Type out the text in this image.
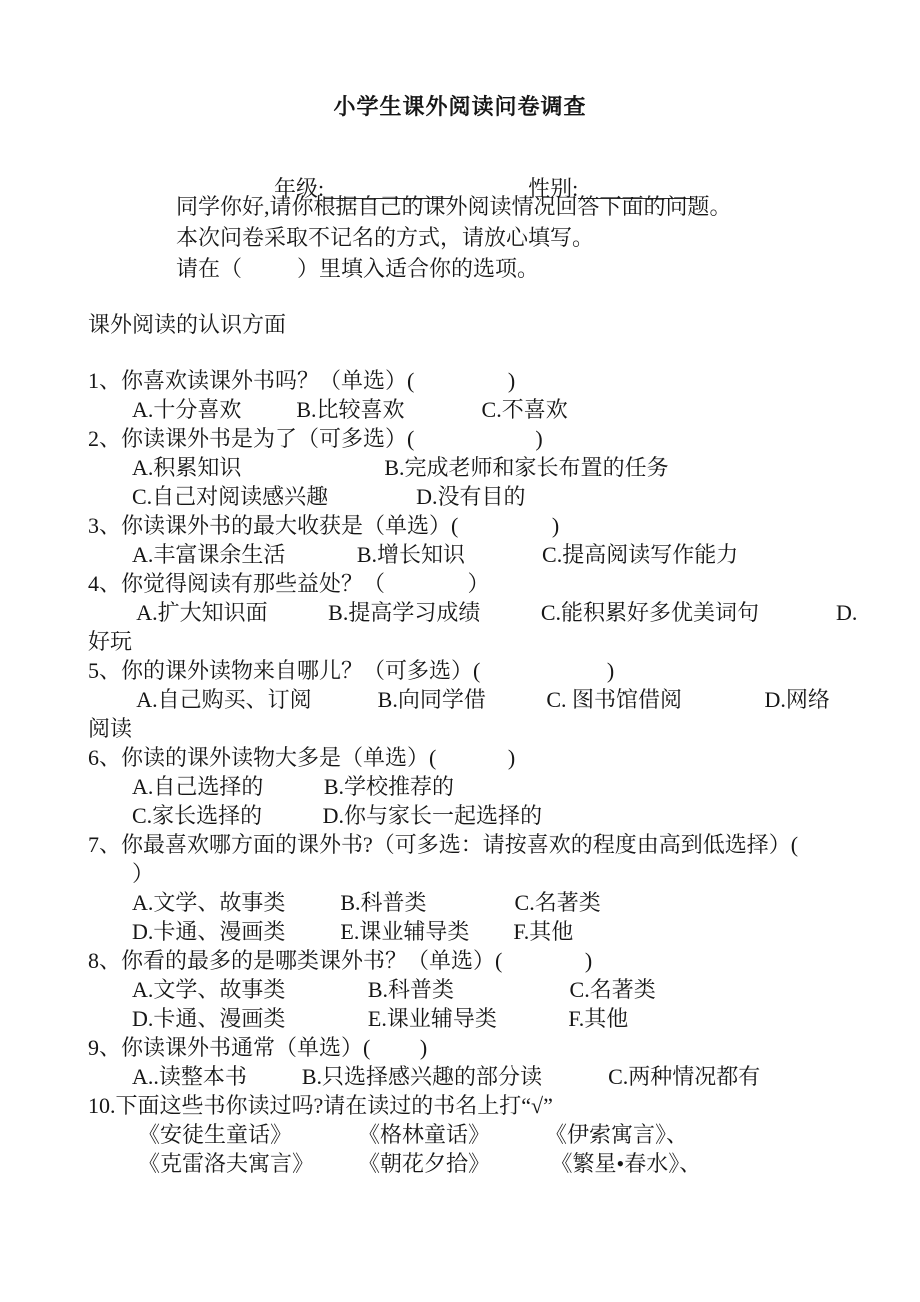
小学生课外阅读问卷调查

年级:	性别:

同学你好,请你根据自己的课外阅读情况回答下面的问题。
本次问卷采取不记名的方式，请放心填写。
请在（          ）里填入适合你的选项。
课外阅读的认识方面
1、你喜欢读课外书吗？（单选）(                 )
A.十分喜欢          B.比较喜欢              C.不喜欢
2、你读课外书是为了（可多选）(                      )
A.积累知识                          B.完成老师和家长布置的任务
C.自己对阅读感兴趣                D.没有目的
3、你读课外书的最大收获是（单选）(                 )
A.丰富课余生活             B.增长知识              C.提高阅读写作能力
4、你觉得阅读有那些益处？（               ）
A.扩大知识面           B.提高学习成绩           C.能积累好多优美词句              D.
好玩
5、你的课外读物来自哪儿？（可多选）(                       )
A.自己购买、订阅            B.向同学借           C. 图书馆借阅               D.网络
阅读
6、你读的课外读物大多是（单选）(             )
A.自己选择的           B.学校推荐的
C.家长选择的           D.你与家长一起选择的
7、你最喜欢哪方面的课外书?（可多选：请按喜欢的程度由高到低选择）(
）
A.文学、故事类          B.科普类                C.名著类
D.卡通、漫画类          E.课业辅导类        F.其他
8、你看的最多的是哪类课外书？（单选）(               )
A.文学、故事类               B.科普类                     C.名著类
D.卡通、漫画类               E.课业辅导类             F.其他
9、你读课外书通常（单选）(         )
A..读整本书          B.只选择感兴趣的部分读            C.两种情况都有
10.下面这些书你读过吗?请在读过的书名上打“√”
《安徒生童话》            《格林童话》          《伊索寓言》、
《克雷洛夫寓言》        《朝花夕拾》           《繁星•春水》、
